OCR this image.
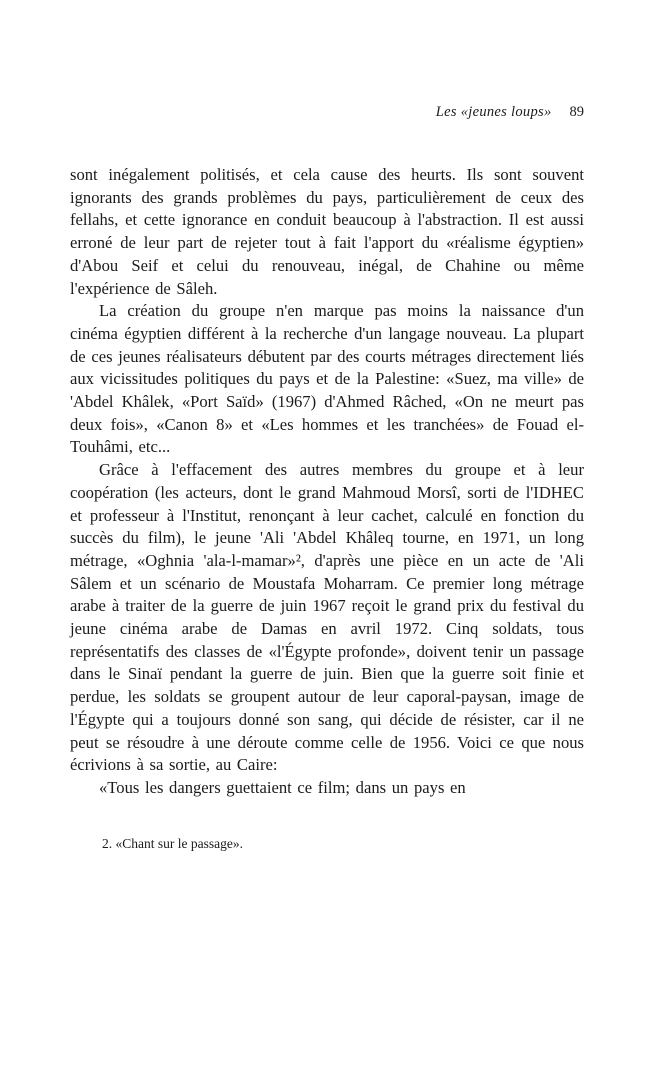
Les «jeunes loups» 89

sont inégalement politisés, et cela cause des heurts. Ils sont souvent ignorants des grands problèmes du pays, particulièrement de ceux des fellahs, et cette ignorance en conduit beaucoup à l'abstraction. Il est aussi erroné de leur part de rejeter tout à fait l'apport du «réalisme égyptien» d'Abou Seif et celui du renouveau, inégal, de Chahine ou même l'expérience de Sâleh.

La création du groupe n'en marque pas moins la naissance d'un cinéma égyptien différent à la recherche d'un langage nouveau. La plupart de ces jeunes réalisateurs débutent par des courts métrages directement liés aux vicissitudes politiques du pays et de la Palestine: «Suez, ma ville» de 'Abdel Khâlek, «Port Saïd» (1967) d'Ahmed Râched, «On ne meurt pas deux fois», «Canon 8» et «Les hommes et les tranchées» de Fouad el-Touhâmi, etc...

Grâce à l'effacement des autres membres du groupe et à leur coopération (les acteurs, dont le grand Mahmoud Morsî, sorti de l'IDHEC et professeur à l'Institut, renonçant à leur cachet, calculé en fonction du succès du film), le jeune 'Ali 'Abdel Khâleq tourne, en 1971, un long métrage, «Oghnia 'ala-l-mamar»², d'après une pièce en un acte de 'Ali Sâlem et un scénario de Moustafa Moharram. Ce premier long métrage arabe à traiter de la guerre de juin 1967 reçoit le grand prix du festival du jeune cinéma arabe de Damas en avril 1972. Cinq soldats, tous représentatifs des classes de «l'Égypte profonde», doivent tenir un passage dans le Sinaï pendant la guerre de juin. Bien que la guerre soit finie et perdue, les soldats se groupent autour de leur caporal-paysan, image de l'Égypte qui a toujours donné son sang, qui décide de résister, car il ne peut se résoudre à une déroute comme celle de 1956. Voici ce que nous écrivions à sa sortie, au Caire:

«Tous les dangers guettaient ce film; dans un pays en

2. «Chant sur le passage».
